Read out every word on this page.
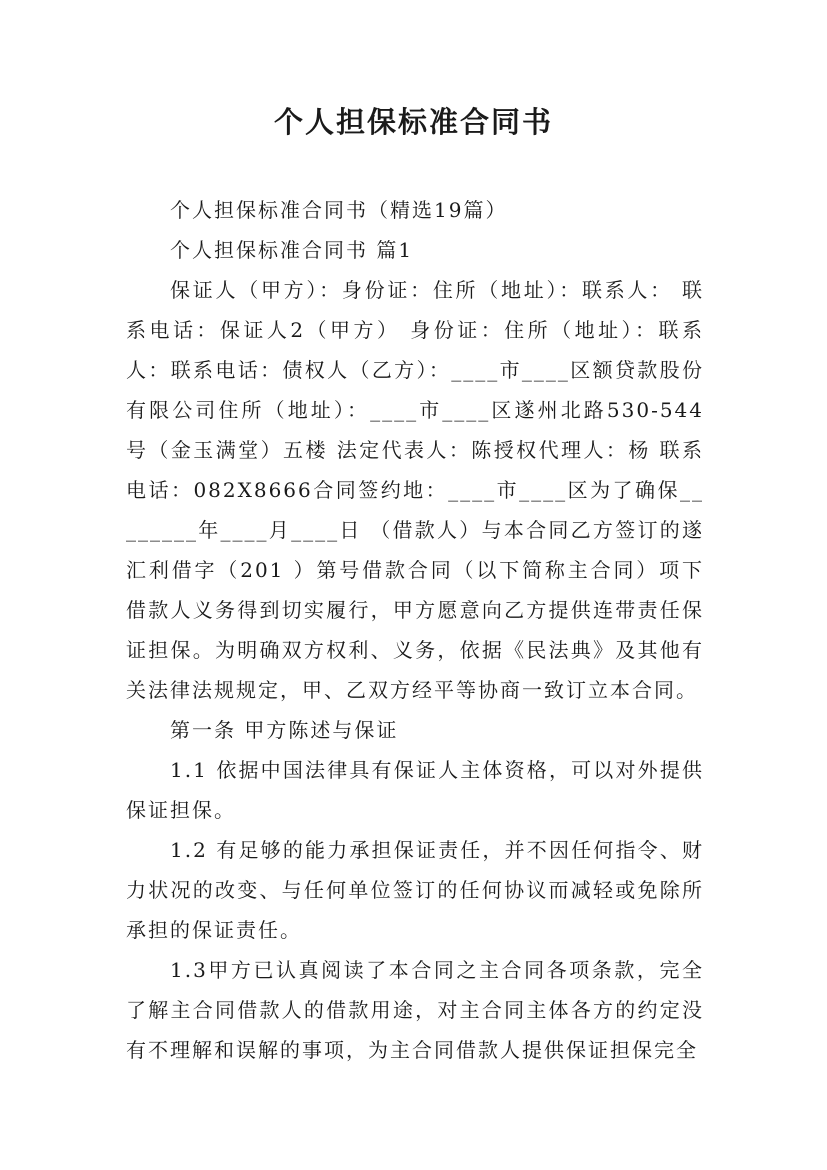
个人担保标准合同书

个人担保标准合同书（精选19篇）

个人担保标准合同书 篇1

保证人（甲方）：身份证：住所（地址）：联系人： 联系电话：保证人2（甲方） 身份证：住所（地址）：联系人：联系电话：债权人（乙方）：____市____区额贷款股份有限公司住所（地址）：____市____区遂州北路530-544号（金玉满堂）五楼 法定代表人：陈授权代理人：杨 联系电话：082X8666合同签约地：____市____区为了确保________年____月____日 （借款人）与本合同乙方签订的遂汇利借字（201 ）第号借款合同（以下简称主合同）项下借款人义务得到切实履行，甲方愿意向乙方提供连带责任保证担保。为明确双方权利、义务，依据《民法典》及其他有关法律法规规定，甲、乙双方经平等协商一致订立本合同。

第一条 甲方陈述与保证

1.1 依据中国法律具有保证人主体资格，可以对外提供保证担保。

1.2 有足够的能力承担保证责任，并不因任何指令、财力状况的改变、与任何单位签订的任何协议而减轻或免除所承担的保证责任。

1.3甲方已认真阅读了本合同之主合同各项条款，完全了解主合同借款人的借款用途，对主合同主体各方的约定没有不理解和误解的事项，为主合同借款人提供保证担保完全
